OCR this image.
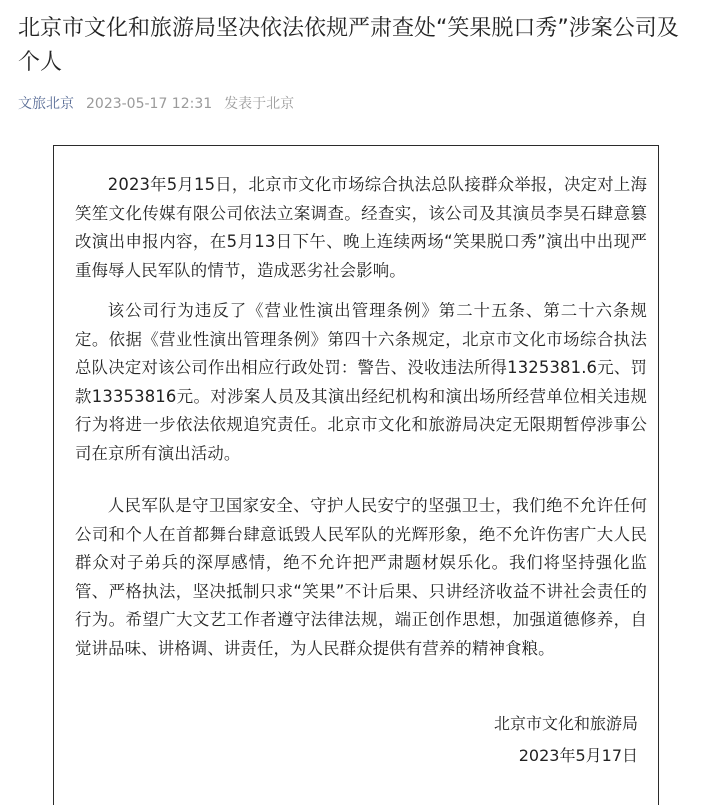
北京市文化和旅游局坚决依法依规严肃查处“笑果脱口秀”涉案公司及个人
文旅北京 2023-05-17 12:31 发表于北京

2023年5月15日，北京市文化市场综合执法总队接群众举报，决定对上海笑笙文化传媒有限公司依法立案调查。经查实，该公司及其演员李昊石肆意篡改演出申报内容，在5月13日下午、晚上连续两场“笑果脱口秀”演出中出现严重侮辱人民军队的情节，造成恶劣社会影响。

该公司行为违反了《营业性演出管理条例》第二十五条、第二十六条规定。依据《营业性演出管理条例》第四十六条规定，北京市文化市场综合执法总队决定对该公司作出相应行政处罚：警告、没收违法所得1325381.6元、罚款13353816元。对涉案人员及其演出经纪机构和演出场所经营单位相关违规行为将进一步依法依规追究责任。北京市文化和旅游局决定无限期暂停涉事公司在京所有演出活动。

人民军队是守卫国家安全、守护人民安宁的坚强卫士，我们绝不允许任何公司和个人在首都舞台肆意诋毁人民军队的光辉形象，绝不允许伤害广大人民群众对子弟兵的深厚感情，绝不允许把严肃题材娱乐化。我们将坚持强化监管、严格执法，坚决抵制只求“笑果”不计后果、只讲经济收益不讲社会责任的行为。希望广大文艺工作者遵守法律法规，端正创作思想，加强道德修养，自觉讲品味、讲格调、讲责任，为人民群众提供有营养的精神食粮。

北京市文化和旅游局
2023年5月17日
